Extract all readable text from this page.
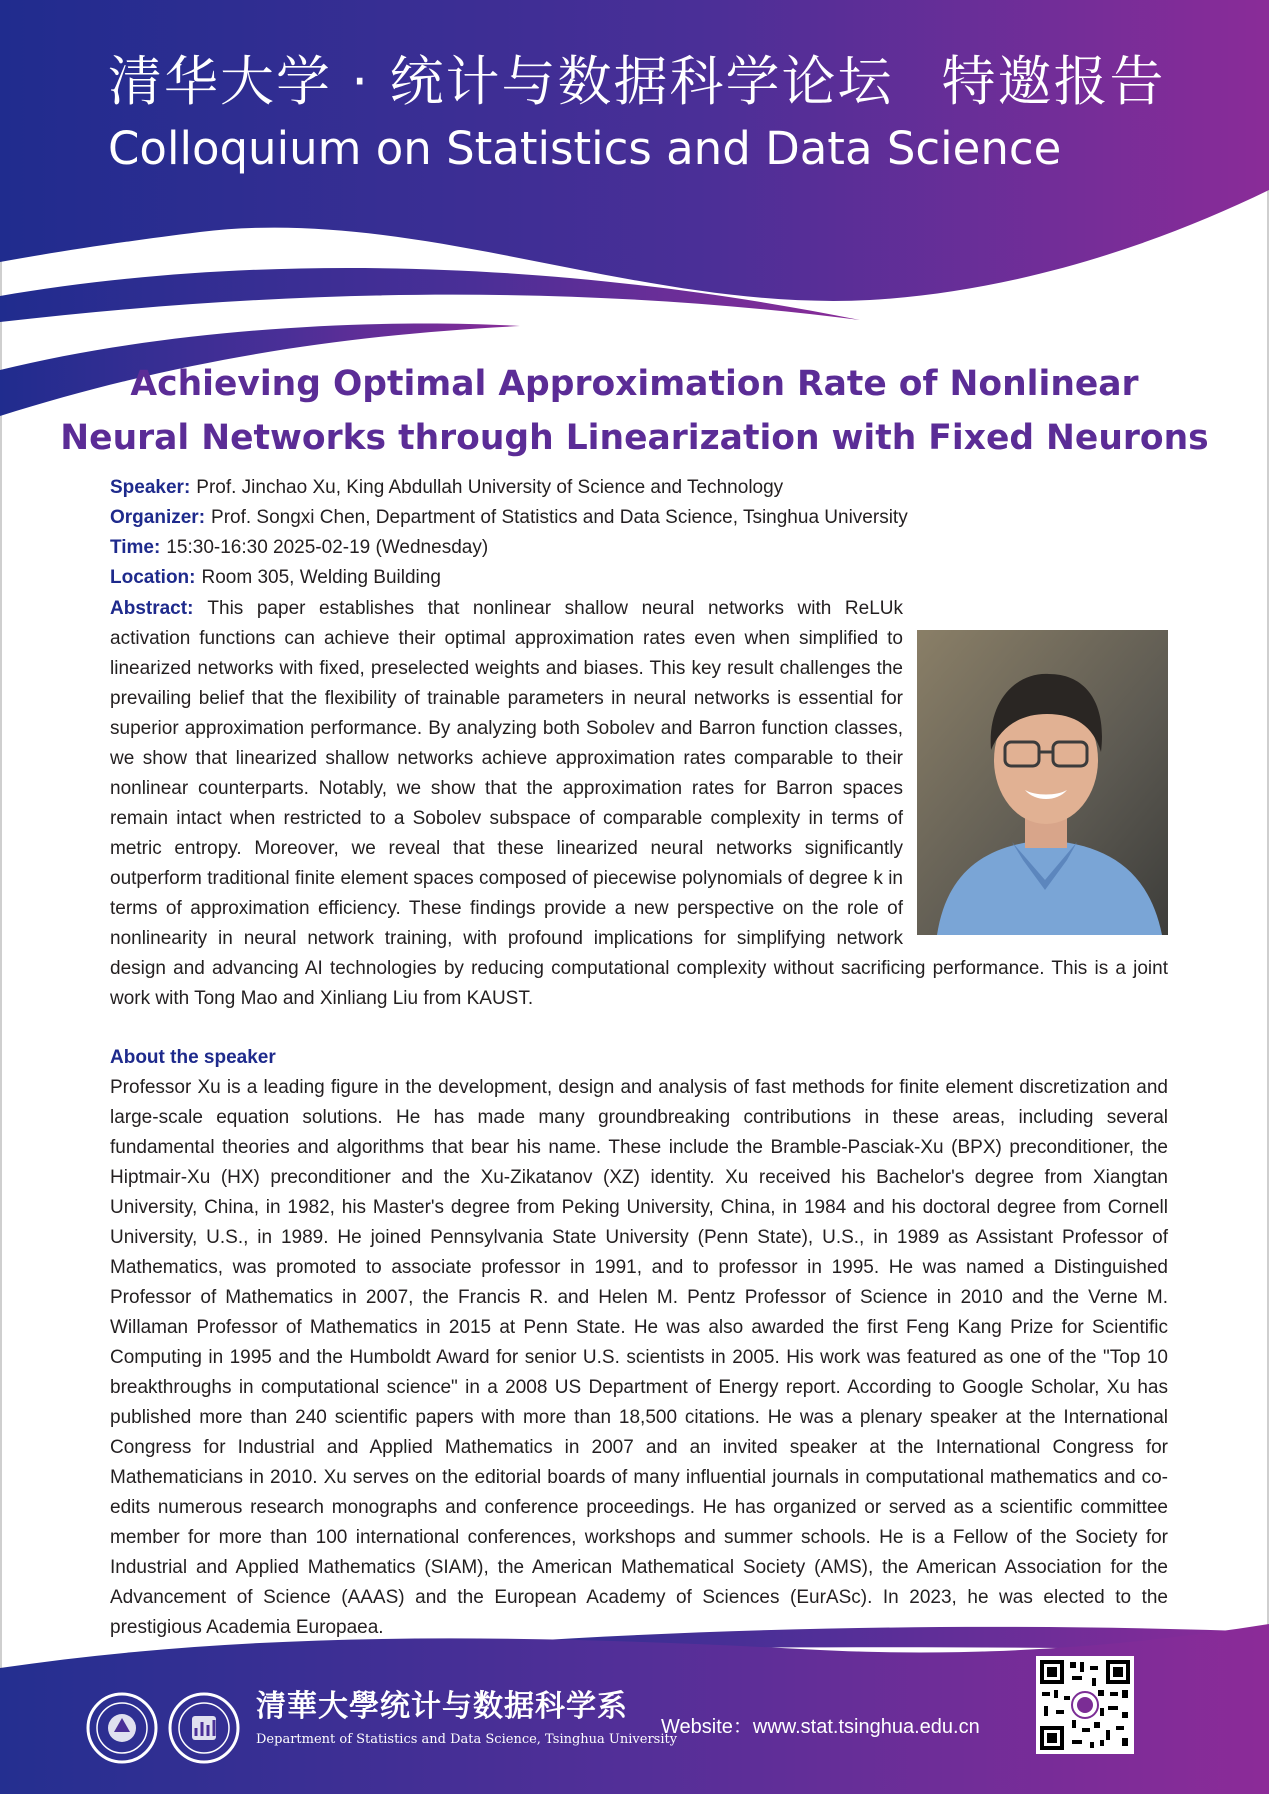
清华大学 · 统计与数据科学论坛 特邀报告
Colloquium on Statistics and Data Science
Achieving Optimal Approximation Rate of Nonlinear
Neural Networks through Linearization with Fixed Neurons
Speaker: Prof. Jinchao Xu, King Abdullah University of Science and Technology
Organizer: Prof. Songxi Chen, Department of Statistics and Data Science, Tsinghua University
Time: 15:30-16:30 2025-02-19 (Wednesday)
Location: Room 305, Welding Building
Abstract: This paper establishes that nonlinear shallow neural networks with ReLUk activation functions can achieve their optimal approximation rates even when simplified to linearized networks with fixed, preselected weights and biases. This key result challenges the prevailing belief that the flexibility of trainable parameters in neural networks is essential for superior approximation performance. By analyzing both Sobolev and Barron function classes, we show that linearized shallow networks achieve approximation rates comparable to their nonlinear counterparts. Notably, we show that the approximation rates for Barron spaces remain intact when restricted to a Sobolev subspace of comparable complexity in terms of metric entropy. Moreover, we reveal that these linearized neural networks significantly outperform traditional finite element spaces composed of piecewise polynomials of degree k in terms of approximation efficiency. These findings provide a new perspective on the role of nonlinearity in neural network training, with profound implications for simplifying network design and advancing AI technologies by reducing computational complexity without sacrificing performance. This is a joint work with Tong Mao and Xinliang Liu from KAUST.
About the speaker
Professor Xu is a leading figure in the development, design and analysis of fast methods for finite element discretization and large-scale equation solutions. He has made many groundbreaking contributions in these areas, including several fundamental theories and algorithms that bear his name. These include the Bramble-Pasciak-Xu (BPX) preconditioner, the Hiptmair-Xu (HX) preconditioner and the Xu-Zikatanov (XZ) identity. Xu received his Bachelor's degree from Xiangtan University, China, in 1982, his Master's degree from Peking University, China, in 1984 and his doctoral degree from Cornell University, U.S., in 1989. He joined Pennsylvania State University (Penn State), U.S., in 1989 as Assistant Professor of Mathematics, was promoted to associate professor in 1991, and to professor in 1995. He was named a Distinguished Professor of Mathematics in 2007, the Francis R. and Helen M. Pentz Professor of Science in 2010 and the Verne M. Willaman Professor of Mathematics in 2015 at Penn State. He was also awarded the first Feng Kang Prize for Scientific Computing in 1995 and the Humboldt Award for senior U.S. scientists in 2005. His work was featured as one of the "Top 10 breakthroughs in computational science" in a 2008 US Department of Energy report. According to Google Scholar, Xu has published more than 240 scientific papers with more than 18,500 citations. He was a plenary speaker at the International Congress for Industrial and Applied Mathematics in 2007 and an invited speaker at the International Congress for Mathematicians in 2010. Xu serves on the editorial boards of many influential journals in computational mathematics and co-edits numerous research monographs and conference proceedings. He has organized or served as a scientific committee member for more than 100 international conferences, workshops and summer schools. He is a Fellow of the Society for Industrial and Applied Mathematics (SIAM), the American Mathematical Society (AMS), the American Association for the Advancement of Science (AAAS) and the European Academy of Sciences (EurASc). In 2023, he was elected to the prestigious Academia Europaea.
清華大學统计与数据科学系
Department of Statistics and Data Science, Tsinghua University
Website：www.stat.tsinghua.edu.cn
